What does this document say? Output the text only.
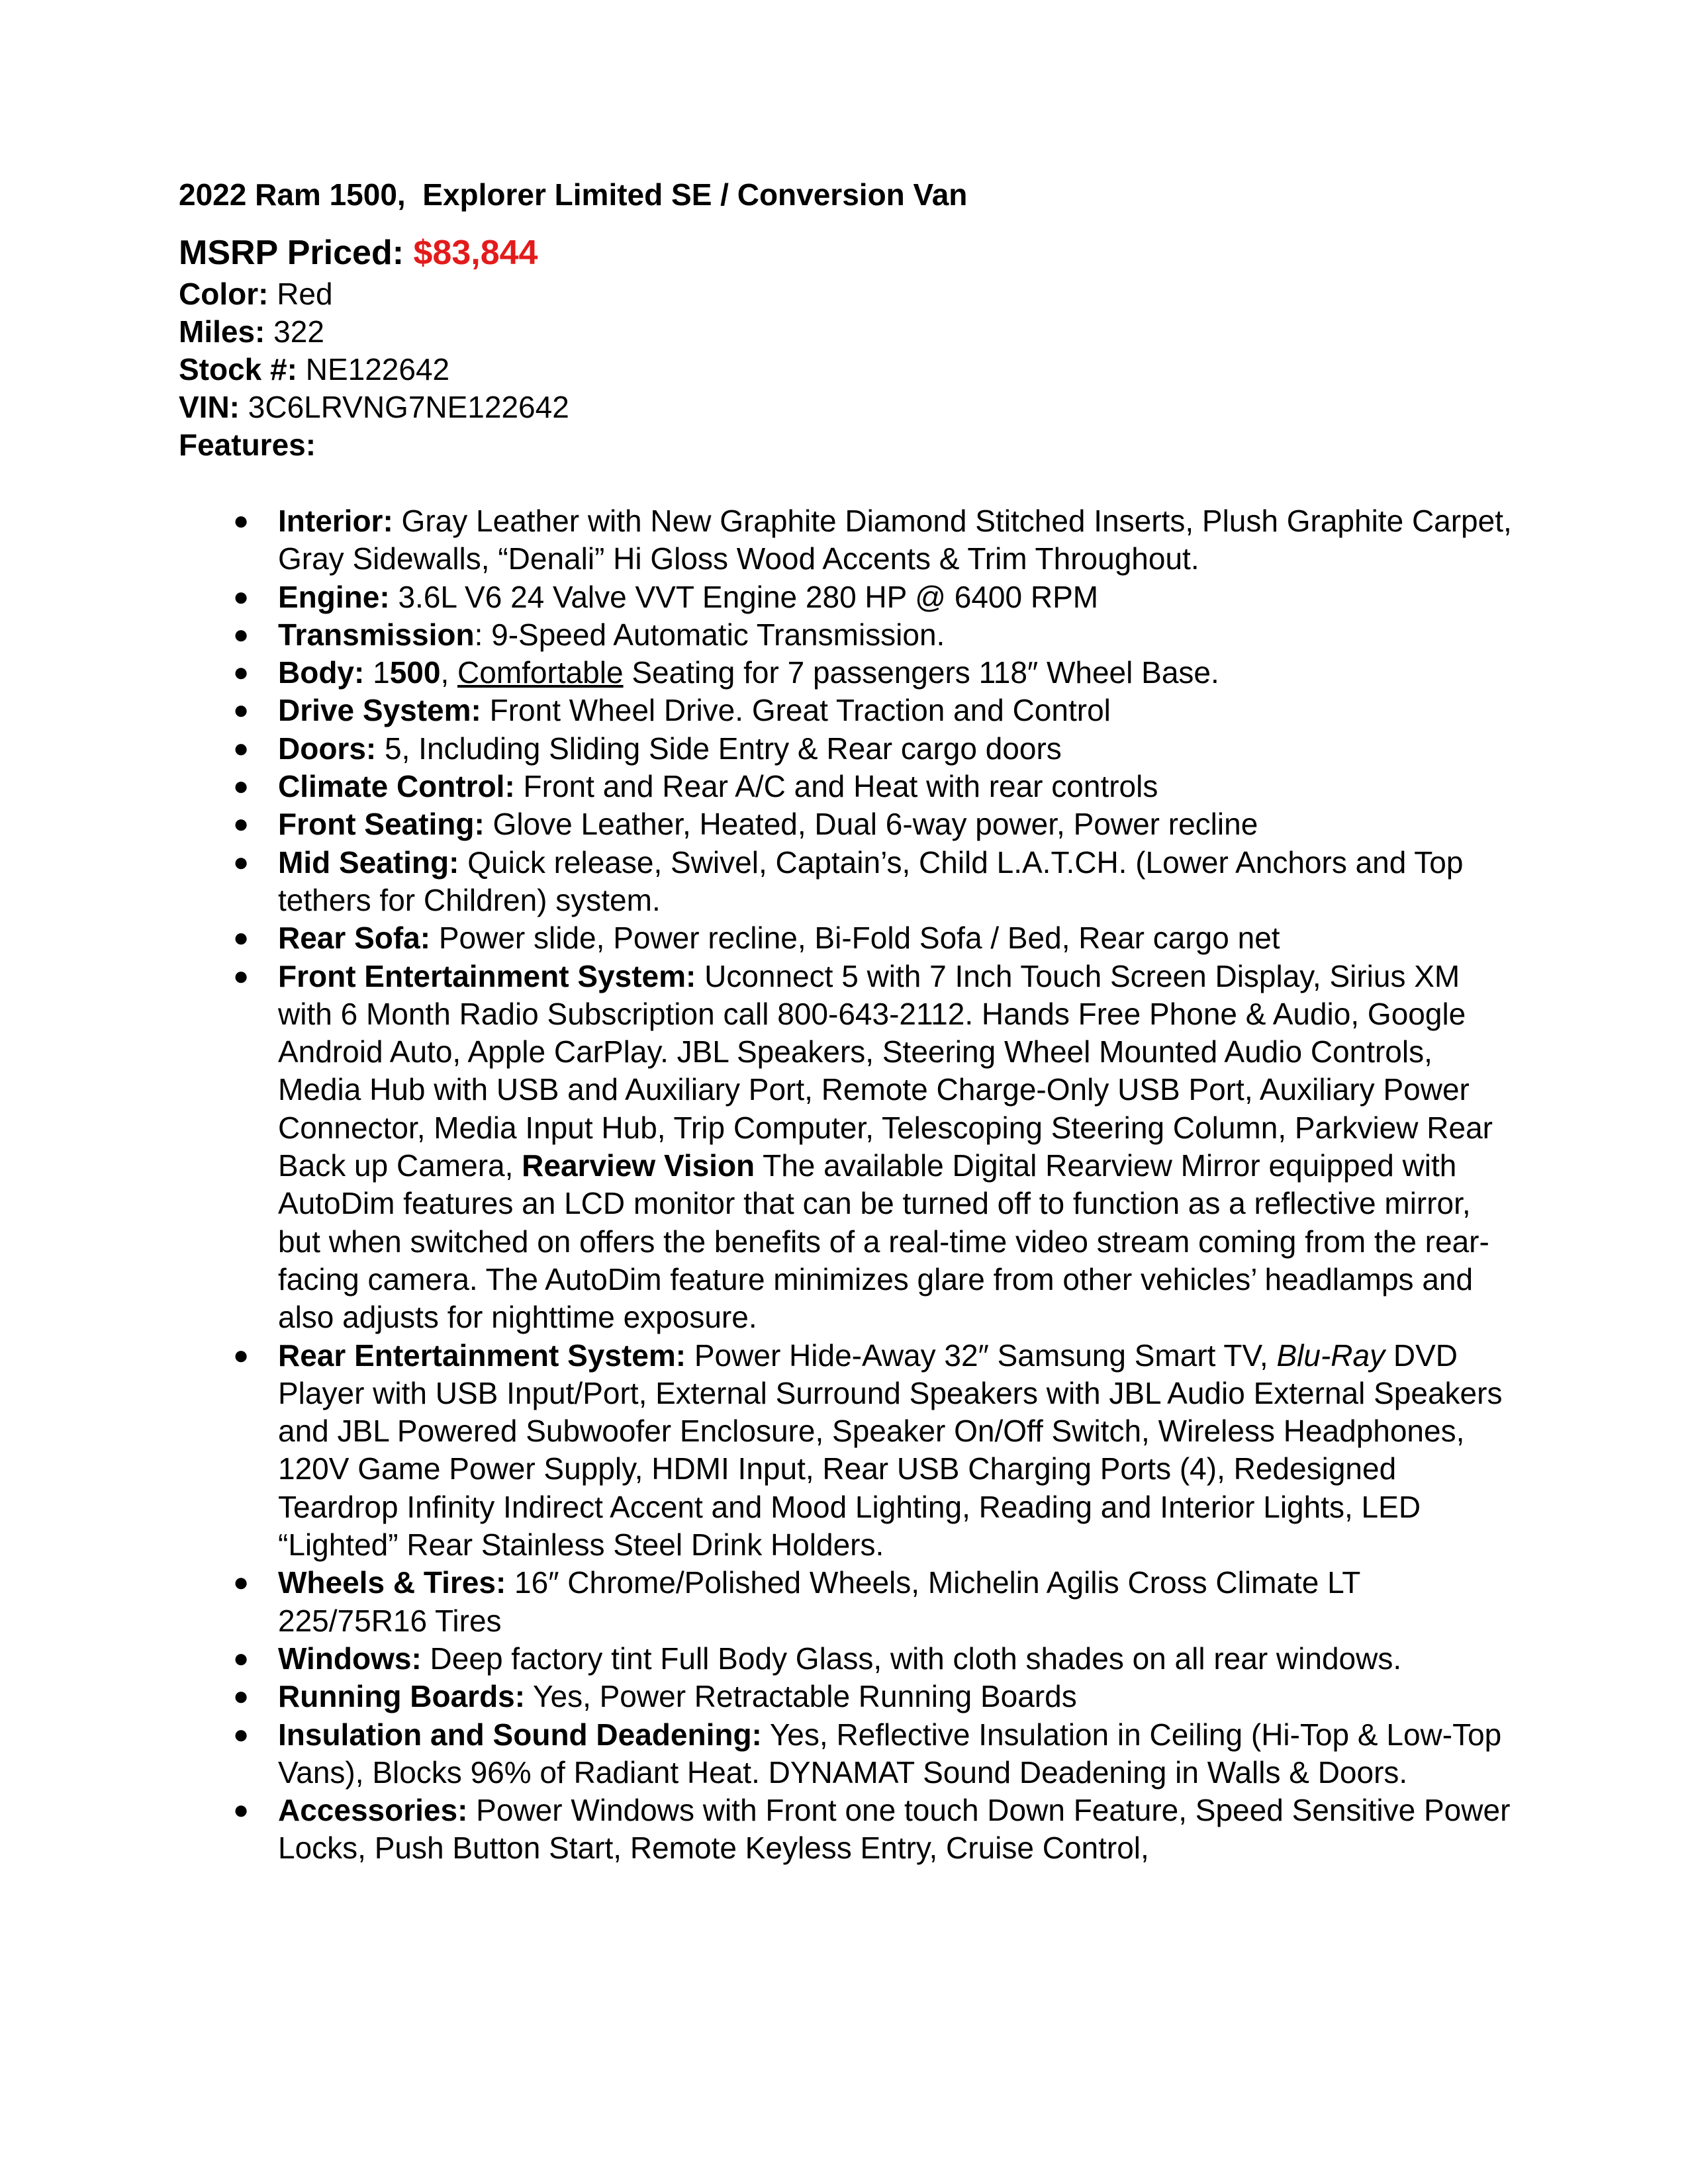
2022 Ram 1500,  Explorer Limited SE / Conversion Van

MSRP Priced: $83,844

Color: Red

Miles: 322

Stock #: NE122642

VIN: 3C6LRVNG7NE122642

Features:

● Interior: Gray Leather with New Graphite Diamond Stitched Inserts, Plush Graphite Carpet, Gray Sidewalls, “Denali” Hi Gloss Wood Accents & Trim Throughout.
● Engine: 3.6L V6 24 Valve VVT Engine 280 HP @ 6400 RPM
● Transmission: 9-Speed Automatic Transmission.
● Body: 1500, Comfortable Seating for 7 passengers 118″ Wheel Base.
● Drive System: Front Wheel Drive. Great Traction and Control
● Doors: 5, Including Sliding Side Entry & Rear cargo doors
● Climate Control: Front and Rear A/C and Heat with rear controls
● Front Seating: Glove Leather, Heated, Dual 6-way power, Power recline
● Mid Seating: Quick release, Swivel, Captain’s, Child L.A.T.CH. (Lower Anchors and Top tethers for Children) system.
● Rear Sofa: Power slide, Power recline, Bi-Fold Sofa / Bed, Rear cargo net
● Front Entertainment System: Uconnect 5 with 7 Inch Touch Screen Display, Sirius XM with 6 Month Radio Subscription call 800-643-2112. Hands Free Phone & Audio, Google Android Auto, Apple CarPlay. JBL Speakers, Steering Wheel Mounted Audio Controls, Media Hub with USB and Auxiliary Port, Remote Charge-Only USB Port, Auxiliary Power Connector, Media Input Hub, Trip Computer, Telescoping Steering Column, Parkview Rear Back up Camera, Rearview Vision The available Digital Rearview Mirror equipped with AutoDim features an LCD monitor that can be turned off to function as a reflective mirror, but when switched on offers the benefits of a real-time video stream coming from the rear-facing camera. The AutoDim feature minimizes glare from other vehicles’ headlamps and also adjusts for nighttime exposure.
● Rear Entertainment System: Power Hide-Away 32″ Samsung Smart TV, Blu-Ray DVD Player with USB Input/Port, External Surround Speakers with JBL Audio External Speakers and JBL Powered Subwoofer Enclosure, Speaker On/Off Switch, Wireless Headphones, 120V Game Power Supply, HDMI Input, Rear USB Charging Ports (4), Redesigned Teardrop Infinity Indirect Accent and Mood Lighting, Reading and Interior Lights, LED “Lighted” Rear Stainless Steel Drink Holders.
● Wheels & Tires: 16″ Chrome/Polished Wheels, Michelin Agilis Cross Climate LT 225/75R16 Tires
● Windows: Deep factory tint Full Body Glass, with cloth shades on all rear windows.
● Running Boards: Yes, Power Retractable Running Boards
● Insulation and Sound Deadening: Yes, Reflective Insulation in Ceiling (Hi-Top & Low-Top Vans), Blocks 96% of Radiant Heat. DYNAMAT Sound Deadening in Walls & Doors.
● Accessories: Power Windows with Front one touch Down Feature, Speed Sensitive Power Locks, Push Button Start, Remote Keyless Entry, Cruise Control,
